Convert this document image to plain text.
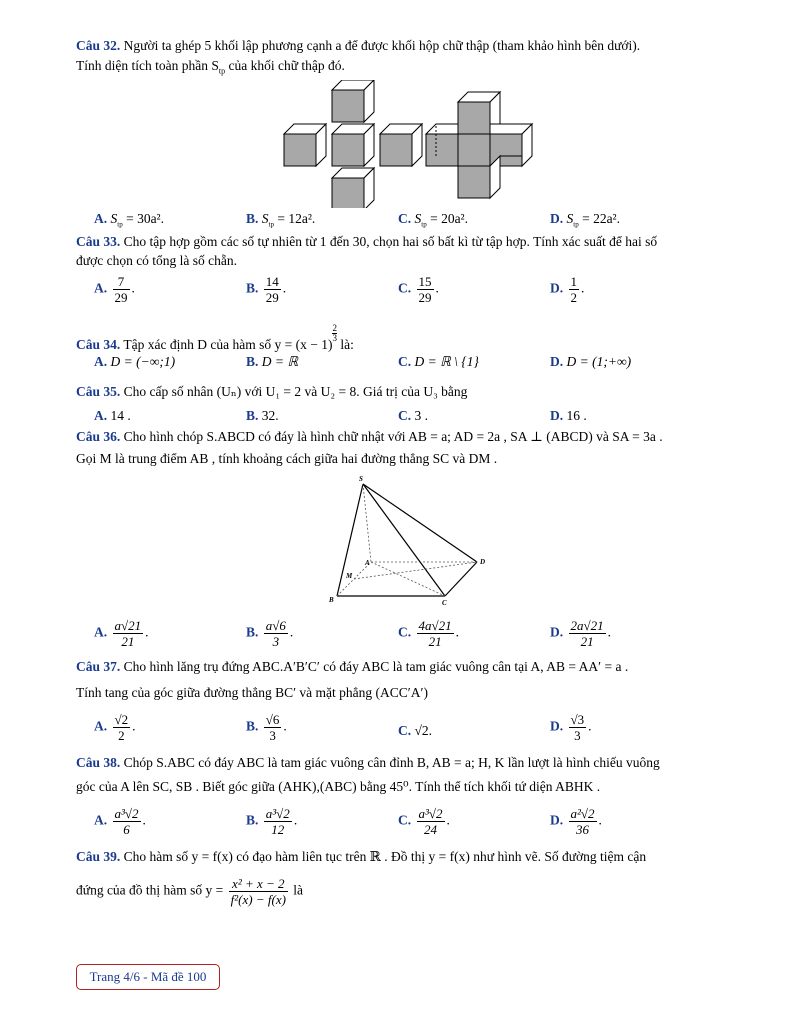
Câu 32. Người ta ghép 5 khối lập phương cạnh a để được khối hộp chữ thập (tham khảo hình bên dưới).
Tính diện tích toàn phần $S_{tp}$ của khối chữ thập đó.
A. $S_{tp} = 30a^2$.	B. $S_{tp} = 12a^2$.	C. $S_{tp} = 20a^2$.	D. $S_{tp} = 22a^2$.
Câu 33. Cho tập hợp gồm các số tự nhiên từ 1 đến 30, chọn hai số bất kì từ tập hợp. Tính xác suất để hai số
được chọn có tổng là số chẵn.
A. $\frac{7}{29}$ .	B. $\frac{14}{29}$ .	C. $\frac{15}{29}$ .	D. $\frac{1}{2}$ .
Câu 34. Tập xác định D của hàm số y = (x − 1)
$^{\frac{2}{3}}$
là:
A. D = (−∞;1)	B. D = ℝ	C. D = ℝ \ {1}	D. D = (1;+∞)
Câu 35. Cho cấp số nhân (Uₙ) với U₁ = 2 và U₂ = 8. Giá trị của U₃ bằng
A. 14 .	B. 32.	C. 3 .	D. 16 .
Câu 36. Cho hình chóp S.ABCD có đáy là hình chữ nhật với AB = a; AD = 2a , SA ⊥ (ABCD) và SA = 3a .
Gọi M là trung điểm AB , tính khoảng cách giữa hai đường thẳng SC và DM .
S
A
B	C
D
M
A. $\frac{a√21}{21}$ .	B. $\frac{a√6}{3}$ .	C. $\frac{4a√21}{21}$ .	D. $\frac{2a√21}{21}$ .
Câu 37. Cho hình lăng trụ đứng ABC.A′B′C′ có đáy ABC là tam giác vuông cân tại A, AB = AA′ = a .
Tính tang của góc giữa đường thẳng BC′ và mặt phẳng (ACC′A′)
A. $\frac{√2}{2}$ .	B. $\frac{√6}{3}$ .	C. √2.	D. $\frac{√3}{3}$ .
Câu 38. Chóp S.ABC có đáy ABC là tam giác vuông cân đỉnh B, AB = a; H, K lần lượt là hình chiếu vuông
góc của A lên SC, SB . Biết góc giữa (AHK),(ABC) bằng 45⁰. Tính thể tích khối tứ diện ABHK .
A. $\frac{\text{a³√2}}{6}$ .	B. $\frac{\text{a³√2}}{12}$ .	C. $\frac{\text{a³√2}}{24}$ .	D. $\frac{\text{a²√2}}{36}$ .
Câu 39. Cho hàm số y = f(x) có đạo hàm liên tục trên ℝ . Đồ thị y = f(x) như hình vẽ. Số đường tiệm cận
đứng của đồ thị hàm số $y = \frac{\text{x² + x − 2}}{\text{f²(x) − f(x)}}$ là
Trang 4/6 - Mã đề 100
